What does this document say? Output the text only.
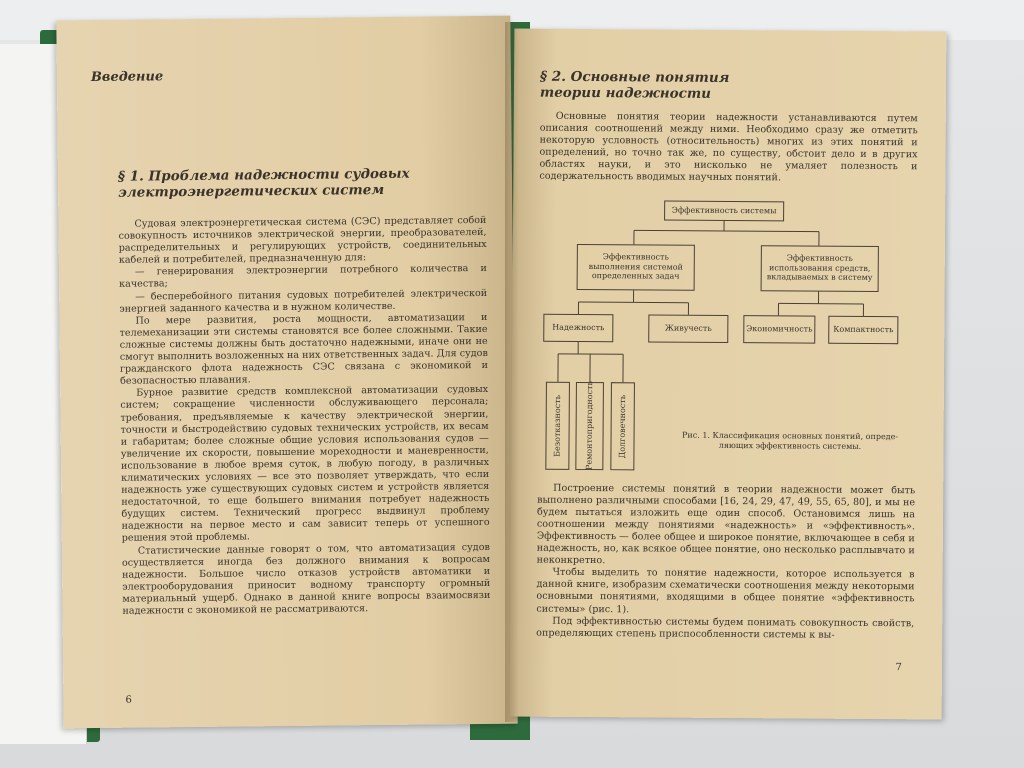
Введение
§ 1. Проблема надежности судовых
электроэнергетических систем

Судовая электроэнергетическая система (СЭС) представляет собой совокупность источников электрической энергии, преобразователей, распределительных и регулирующих устройств, соединительных кабелей и потребителей, предназначенную для:

— генерирования электроэнергии потребного количества и качества;

— бесперебойного питания судовых потребителей электрической энергией заданного качества и в нужном количестве.

По мере развития, роста мощности, автоматизации и телемеханизации эти системы становятся все более сложными. Такие сложные системы должны быть достаточно надежными, иначе они не смогут выполнить возложенных на них ответственных задач. Для судов гражданского флота надежность СЭС связана с экономикой и безопасностью плавания.

Бурное развитие средств комплексной автоматизации судовых систем; сокращение численности обслуживающего персонала; требования, предъявляемые к качеству электрической энергии, точности и быстродействию судовых технических устройств, их весам и габаритам; более сложные общие условия использования судов — увеличение их скорости, повышение мореходности и маневренности, использование в любое время суток, в любую погоду, в различных климатических условиях — все это позволяет утверждать, что если надежность уже существующих судовых систем и устройств является недостаточной, то еще большего внимания потребует надежность будущих систем. Технический прогресс выдвинул проблему надежности на первое место и сам зависит теперь от успешного решения этой проблемы.

Статистические данные говорят о том, что автоматизация судов осуществляется иногда без должного внимания к вопросам надежности. Большое число отказов устройств автоматики и электрооборудования приносит водному транспорту огромный материальный ущерб. Однако в данной книге вопросы взаимосвязи надежности с экономикой не рассматриваются.

6
§ 2. Основные понятия
теории надежности

Основные понятия теории надежности устанавливаются путем описания соотношений между ними. Необходимо сразу же отметить некоторую условность (относительность) многих из этих понятий и определений, но точно так же, по существу, обстоит дело и в других областях науки, и это нисколько не умаляет полезность и содержательность вводимых научных понятий.

Эффективность системы
Эффективность выполнения системой определенных задач
Эффективность использования средств, вкладываемых в систему
Надежность	Живучесть	Экономичность	Компактность
Безотказность	Ремонтопригодность	Долговечность	Рис. 1. Классификация основных понятий, опреде-
ляющих эффективность системы.

Построение системы понятий в теории надежности может быть выполнено различными способами [16, 24, 29, 47, 49, 55, 65, 80], и мы не будем пытаться изложить еще один способ. Остановимся лишь на соотношении между понятиями «надежность» и «эффективность». Эффективность — более общее и широкое понятие, включающее в себя и надежность, но, как всякое общее понятие, оно несколько расплывчато и неконкретно.

Чтобы выделить то понятие надежности, которое используется в данной книге, изобразим схематически соотношения между некоторыми основными понятиями, входящими в общее понятие «эффективность системы» (рис. 1).

Под эффективностью системы будем понимать совокупность свойств, определяющих степень приспособленности системы к вы-

7
